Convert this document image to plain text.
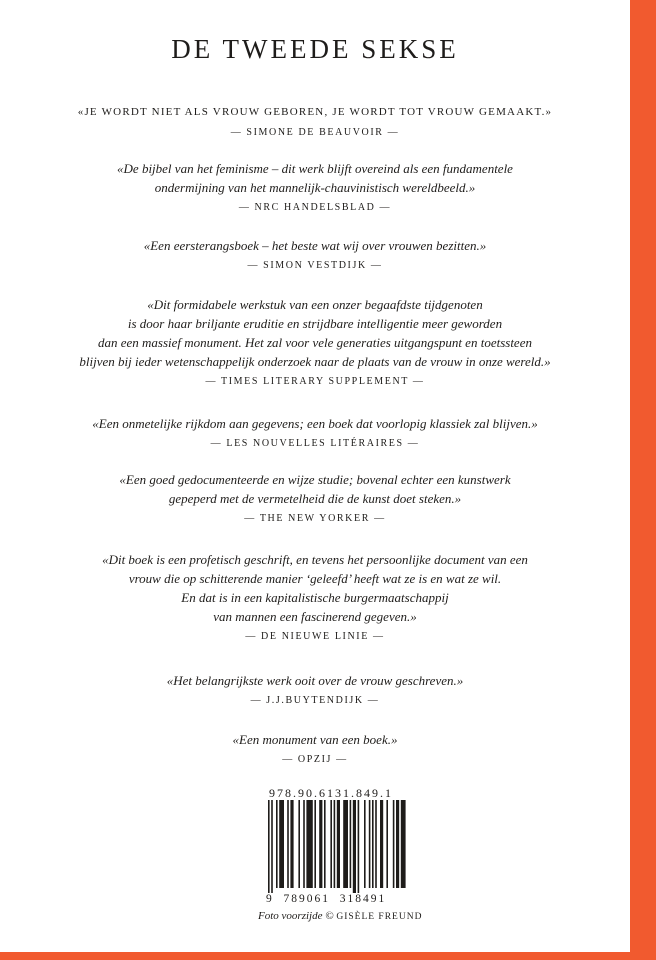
DE TWEEDE SEKSE
«JE WORDT NIET ALS VROUW GEBOREN, JE WORDT TOT VROUW GEMAAKT.»
— SIMONE DE BEAUVOIR —
«De bijbel van het feminisme – dit werk blijft overeind als een fundamentele
ondermijning van het mannelijk-chauvinistisch wereldbeeld.»
— NRC HANDELSBLAD —
«Een eersterangsboek – het beste wat wij over vrouwen bezitten.»
— SIMON VESTDIJK —
«Dit formidabele werkstuk van een onzer begaafdste tijdgenoten
is door haar briljante eruditie en strijdbare intelligentie meer geworden
dan een massief monument. Het zal voor vele generaties uitgangspunt en toetssteen
blijven bij ieder wetenschappelijk onderzoek naar de plaats van de vrouw in onze wereld.»
— TIMES LITERARY SUPPLEMENT —
«Een onmetelijke rijkdom aan gegevens; een boek dat voorlopig klassiek zal blijven.»
— LES NOUVELLES LITÉRAIRES —
«Een goed gedocumenteerde en wijze studie; bovenal echter een kunstwerk
gepeperd met de vermetelheid die de kunst doet steken.»
— THE NEW YORKER —
«Dit boek is een profetisch geschrift, en tevens het persoonlijke document van een
vrouw die op schitterende manier ‘geleefd’ heeft wat ze is en wat ze wil.
En dat is in een kapitalistische burgermaatschappij
van mannen een fascinerend gegeven.»
— DE NIEUWE LINIE —
«Het belangrijkste werk ooit over de vrouw geschreven.»
— J.J.BUYTENDIJK —
«Een monument van een boek.»
— OPZIJ —
978.90.6131.849.1
9  789061  318491
Foto voorzijde © GISÈLE FREUND
